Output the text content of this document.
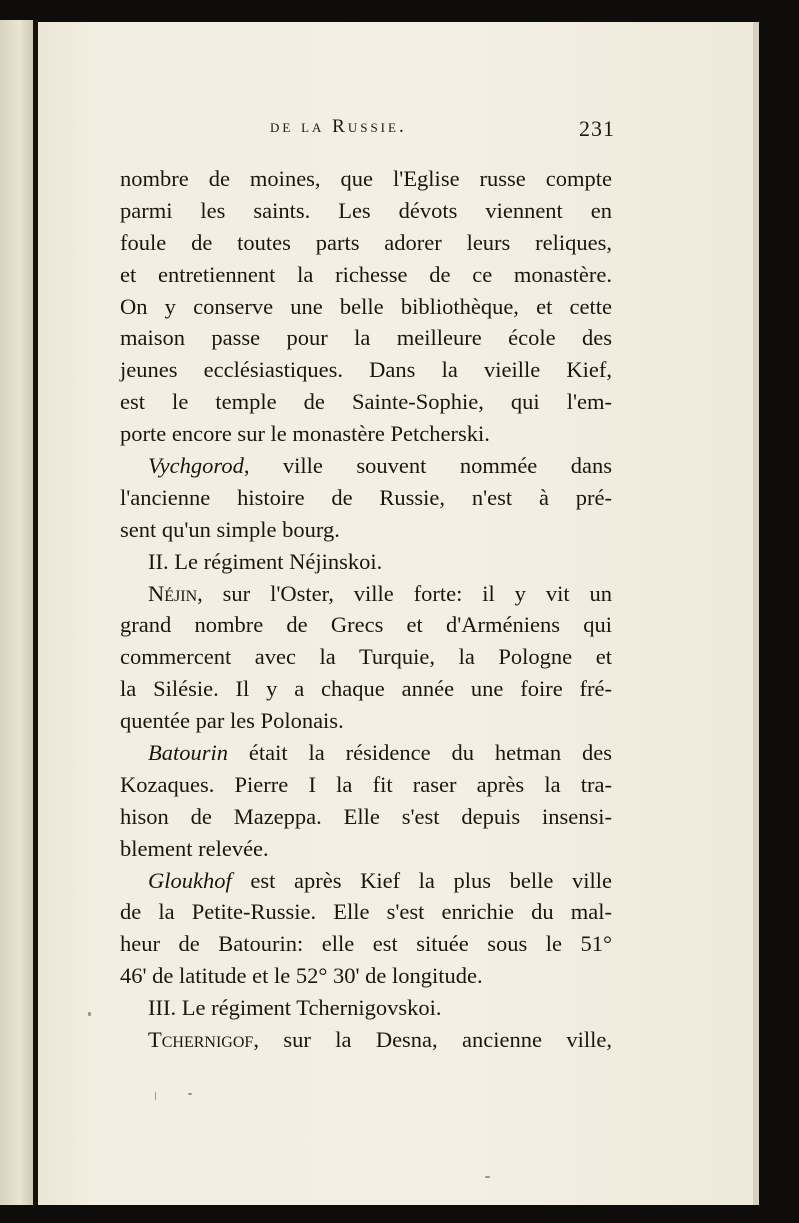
de la Russie.	231
nombre de moines, que l'Eglise russe compte
parmi les saints. Les dévots viennent en
foule de toutes parts adorer leurs reliques,
et entretiennent la richesse de ce monastère.
On y conserve une belle bibliothèque, et cette
maison passe pour la meilleure école des
jeunes ecclésiastiques. Dans la vieille Kief,
est le temple de Sainte-Sophie, qui l'em-
porte encore sur le monastère Petcherski.
Vychgorod, ville souvent nommée dans
l'ancienne histoire de Russie, n'est à pré-
sent qu'un simple bourg.
II. Le régiment Néjinskoi.
Néjin, sur l'Oster, ville forte: il y vit un
grand nombre de Grecs et d'Arméniens qui
commercent avec la Turquie, la Pologne et
la Silésie. Il y a chaque année une foire fré-
quentée par les Polonais.
Batourin était la résidence du hetman des
Kozaques. Pierre I la fit raser après la tra-
hison de Mazeppa. Elle s'est depuis insensi-
blement relevée.
Gloukhof est après Kief la plus belle ville
de la Petite-Russie. Elle s'est enrichie du mal-
heur de Batourin: elle est située sous le 51°
46' de latitude et le 52° 30' de longitude.
III. Le régiment Tchernigovskoi.
Tchernigof, sur la Desna, ancienne ville,
